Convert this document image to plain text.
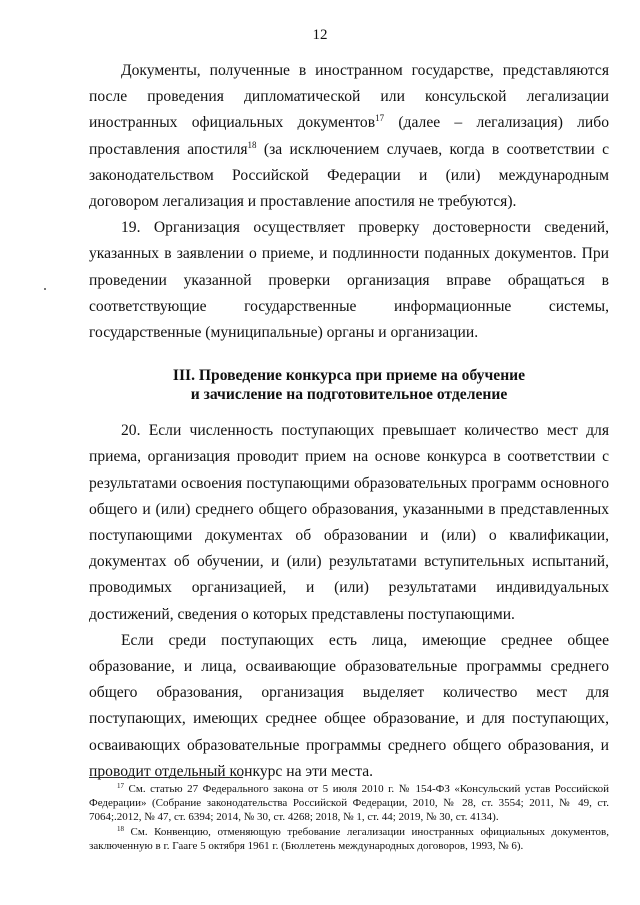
12

Документы, полученные в иностранном государстве, представляются после проведения дипломатической или консульской легализации иностранных официальных документов$^{17}$ (далее – легализация) либо проставления апостиля$^{18}$ (за исключением случаев, когда в соответствии с законодательством Российской Федерации и (или) международным договором легализация и проставление апостиля не требуются).

19. Организация осуществляет проверку достоверности сведений, указанных в заявлении о приеме, и подлинности поданных документов. При проведении указанной проверки организация вправе обращаться в соответствующие государственные информационные системы, государственные (муниципальные) органы и организации.

III. Проведение конкурса при приеме на обучение
и зачисление на подготовительное отделение

20. Если численность поступающих превышает количество мест для приема, организация проводит прием на основе конкурса в соответствии с результатами освоения поступающими образовательных программ основного общего и (или) среднего общего образования, указанными в представленных поступающими документах об образовании и (или) о квалификации, документах об обучении, и (или) результатами вступительных испытаний, проводимых организацией, и (или) результатами индивидуальных достижений, сведения о которых представлены поступающими.

Если среди поступающих есть лица, имеющие среднее общее образование, и лица, осваивающие образовательные программы среднего общего образования, организация выделяет количество мест для поступающих, имеющих среднее общее образование, и для поступающих, осваивающих образовательные программы среднего общего образования, и проводит отдельный конкурс на эти места.

$^{17}$ См. статью 27 Федерального закона от 5 июля 2010 г. № 154-ФЗ «Консульский устав Российской Федерации» (Собрание законодательства Российской Федерации, 2010, № 28, ст. 3554; 2011, № 49, ст. 7064;.2012, № 47, ст. 6394; 2014, № 30, ст. 4268; 2018, № 1, ст. 44; 2019, № 30, ст. 4134).

$^{18}$ См. Конвенцию, отменяющую требование легализации иностранных официальных документов, заключенную в г. Гааге 5 октября 1961 г. (Бюллетень международных договоров, 1993, № 6).
